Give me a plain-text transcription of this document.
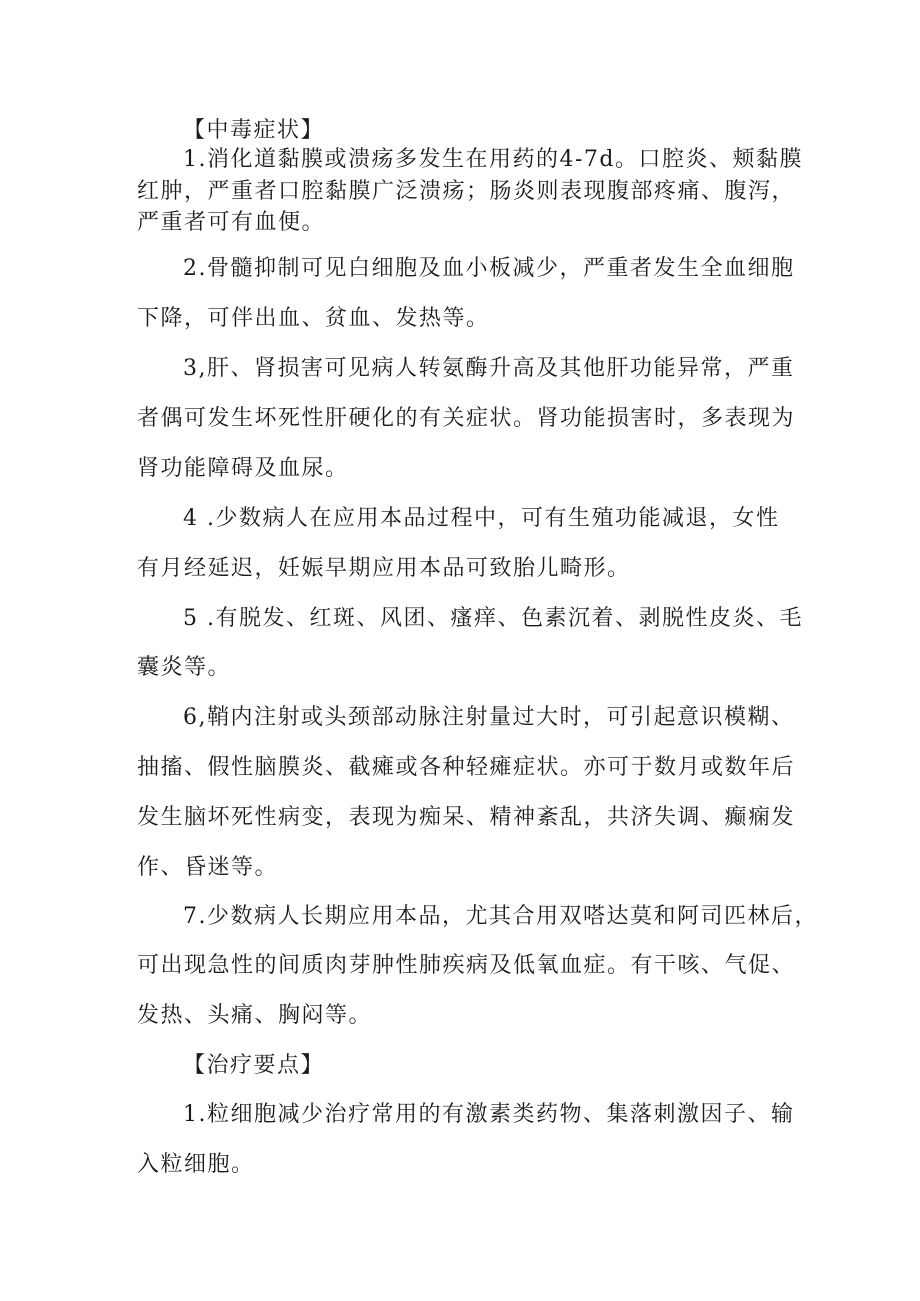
【中毒症状】
1.消化道黏膜或溃疡多发生在用药的4-7d。口腔炎、颊黏膜
红肿，严重者口腔黏膜广泛溃疡；肠炎则表现腹部疼痛、腹泻，
严重者可有血便。
2.骨髓抑制可见白细胞及血小板减少，严重者发生全血细胞
下降，可伴出血、贫血、发热等。
3,肝、肾损害可见病人转氨酶升高及其他肝功能异常，严重
者偶可发生坏死性肝硬化的有关症状。肾功能损害时，多表现为
肾功能障碍及血尿。
4 .少数病人在应用本品过程中，可有生殖功能减退，女性
有月经延迟，妊娠早期应用本品可致胎儿畸形。
5 .有脱发、红斑、风团、瘙痒、色素沉着、剥脱性皮炎、毛
囊炎等。
6,鞘内注射或头颈部动脉注射量过大时，可引起意识模糊、
抽搐、假性脑膜炎、截瘫或各种轻瘫症状。亦可于数月或数年后
发生脑坏死性病变，表现为痴呆、精神紊乱，共济失调、癫痫发
作、昏迷等。
7.少数病人长期应用本品，尤其合用双嗒达莫和阿司匹林后，
可出现急性的间质肉芽肿性肺疾病及低氧血症。有干咳、气促、
发热、头痛、胸闷等。
【治疗要点】
1.粒细胞减少治疗常用的有激素类药物、集落刺激因子、输
入粒细胞。
